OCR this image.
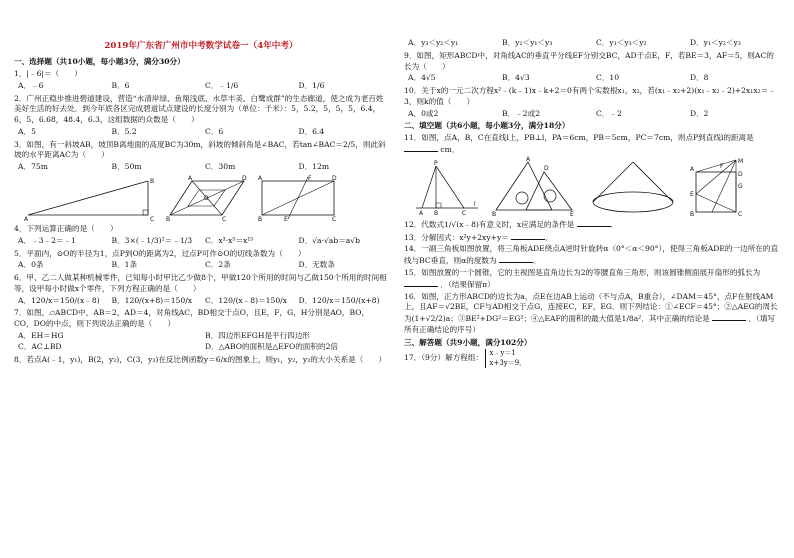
2019年广东省广州市中考数学试卷一（4年中考）
一、选择题（共10小题，每小题3分，满分30分）
1．|﹣6|＝（　　）
A．﹣6	B．6	C．﹣1/6	D．1/6
2．广州正稳步推进碧道建设，营造“水清岸绿、鱼翔浅底、水草丰美、白鹭成群”的生态廊道，使之成为老百姓美好生活的好去处．到今年底各区完成碧道试点建设的长度分别为（单位：千米）：5，5.2，5，5，5，6.4，6，5，6.68，48.4，6.3，这组数据的众数是（　　）
A．5	B．5.2	C．6	D．6.4
3．如图，有一斜坡AB，坡顶B离地面的高度BC为30m，斜坡的倾斜角是∠BAC，若tan∠BAC＝2/5，则此斜坡的水平距离AC为（　　）
A．75m	B．50m	C．30m	D．12m
A
B
C B
A	D
C
O
A	D
B	C
F
E
4．下列运算正确的是（　　）
A．﹣3﹣2＝﹣1	B．3×(﹣1/3)²＝﹣1/3	C．x³·x⁵＝x¹⁵	D．√a·√ab＝a√b
5．平面内，⊙O的半径为1，点P到O的距离为2，过点P可作⊙O的切线条数为（　　）
A．0条	B．1条	C．2条	D．无数条
6．甲、乙二人做某种机械零件，已知每小时甲比乙少做8个，甲做120个所用的时间与乙做150个所用的时间相等，设甲每小时做x个零件，下列方程正确的是（　　）
A．120/x＝150/(x﹣8)	B．120/(x+8)＝150/x	C．120/(x﹣8)＝150/x	D．120/x＝150/(x+8)
7．如图，▱ABCD中，AB＝2，AD＝4，对角线AC，BD相交于点O，且E，F，G，H分别是AO，BO，CO，DO的中点，则下列说法正确的是（　　）
A．EH＝HG	B．四边形EFGH是平行四边形
C．AC⊥BD	D．△ABO的面积是△EFO的面积的2倍
8．若点A(﹣1，y₁)，B(2，y₂)，C(3，y₃)在反比例函数y＝6/x的图象上，则y₁，y₂，y₃的大小关系是（　　）
A．y₃＜y₂＜y₁	B．y₂＜y₁＜y₃	C．y₁＜y₃＜y₂	D．y₁＜y₂＜y₃
9．如图，矩形ABCD中，对角线AC的垂直平分线EF分别交BC，AD于点E，F，若BE＝3，AF＝5，则AC的长为（　　）
A．4√5	B．4√3	C．10	D．8
10．关于x的一元二次方程x²﹣(k﹣1)x﹣k+2＝0有两个实数根x₁，x₂，若(x₁﹣x₂+2)(x₁﹣x₂﹣2)+2x₁x₂＝﹣3，则k的值（　　）
A．0或2	B．﹣2或2	C．﹣2	D．2
二、填空题（共6小题，每小题3分，满分18分）
11．如图，点A，B，C在直线l上，PB⊥l，PA＝6cm，PB＝5cm，PC＝7cm，则点P到直线l的距离是  cm．
P
A B	C
l
A
D
B	E
A
M
D
B	C
E
F
G
12．代数式1/√(x﹣8)有意义时，x应满足的条件是	．
13．分解因式：x²y+2xy+y＝	．
14．一副三角板如图放置，将三角板ADE绕点A逆时针旋转α（0°＜α＜90°），使得三角板ADE的一边所在的直线与BC垂直，则α的度数为	．
15．如图放置的一个圆锥，它的主视图是直角边长为2的等腰直角三角形，则该圆锥侧面展开扇形的弧长为  ．（结果保留π）
16．如图，正方形ABCD的边长为a，点E在边AB上运动（不与点A，B重合），∠DAM＝45°，点F在射线AM上，且AF＝√2BE，CF与AD相交于点G，连接EC，EF，EG．则下列结论：①∠ECF＝45°；②△AEG的周长为(1+√2/2)a；③BE²+DG²＝EG²；④△EAF的面积的最大值是1/8a²．其中正确的结论是	．（填写所有正确结论的序号）
三、解答题（共9小题，满分102分）
17．（9分）解方程组： x﹣y＝1
x+3y＝9．
